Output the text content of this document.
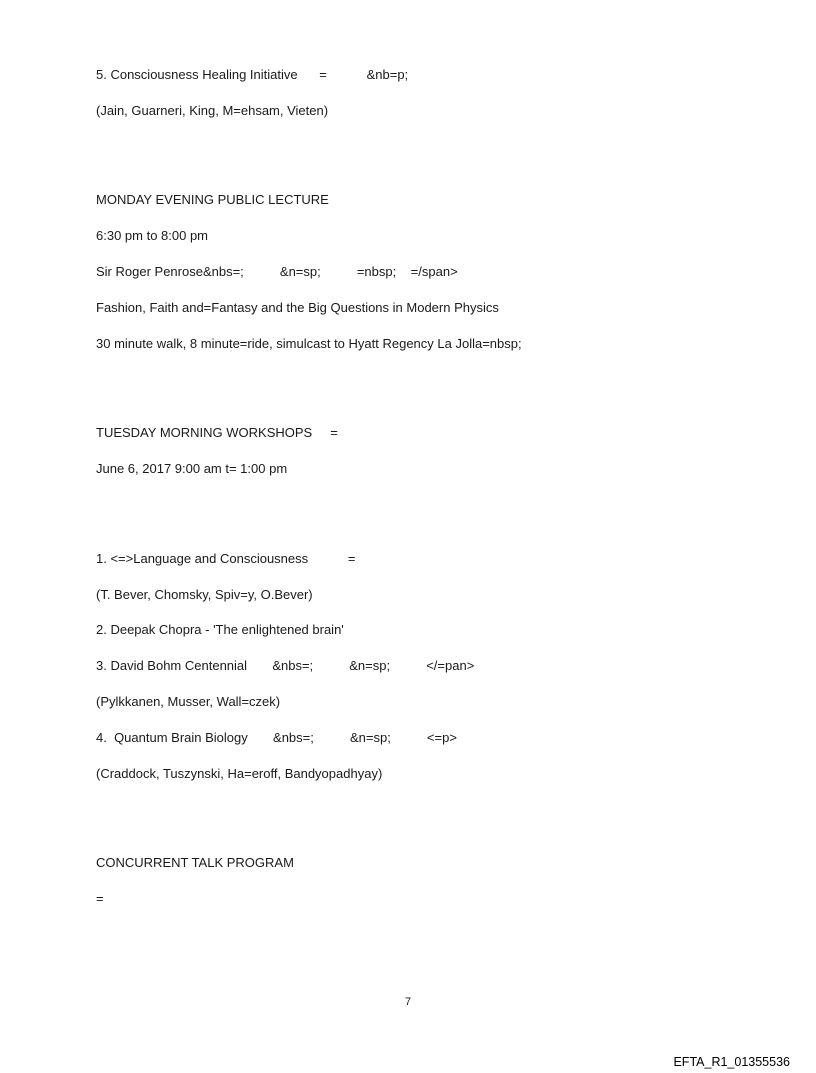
5. Consciousness Healing Initiative      =           &nb=p;
(Jain, Guarneri, King, M=ehsam, Vieten)
MONDAY EVENING PUBLIC LECTURE
6:30 pm to 8:00 pm
Sir Roger Penrose&nbs=;          &n=sp;          =nbsp;    =/span>
Fashion, Faith and=Fantasy and the Big Questions in Modern Physics
30 minute walk, 8 minute=ride, simulcast to Hyatt Regency La Jolla=nbsp;
TUESDAY MORNING WORKSHOPS     =
June 6, 2017 9:00 am t= 1:00 pm
1. <=>Language and Consciousness           =
(T. Bever, Chomsky, Spiv=y, O.Bever)
2. Deepak Chopra - 'The enlightened brain'
3. David Bohm Centennial       &nbs=;          &n=sp;          </=pan>
(Pylkkanen, Musser, Wall=czek)
4.  Quantum Brain Biology       &nbs=;          &n=sp;          <=p>
(Craddock, Tuszynski, Ha=eroff, Bandyopadhyay)
CONCURRENT TALK PROGRAM
=
7
EFTA_R1_01355536
